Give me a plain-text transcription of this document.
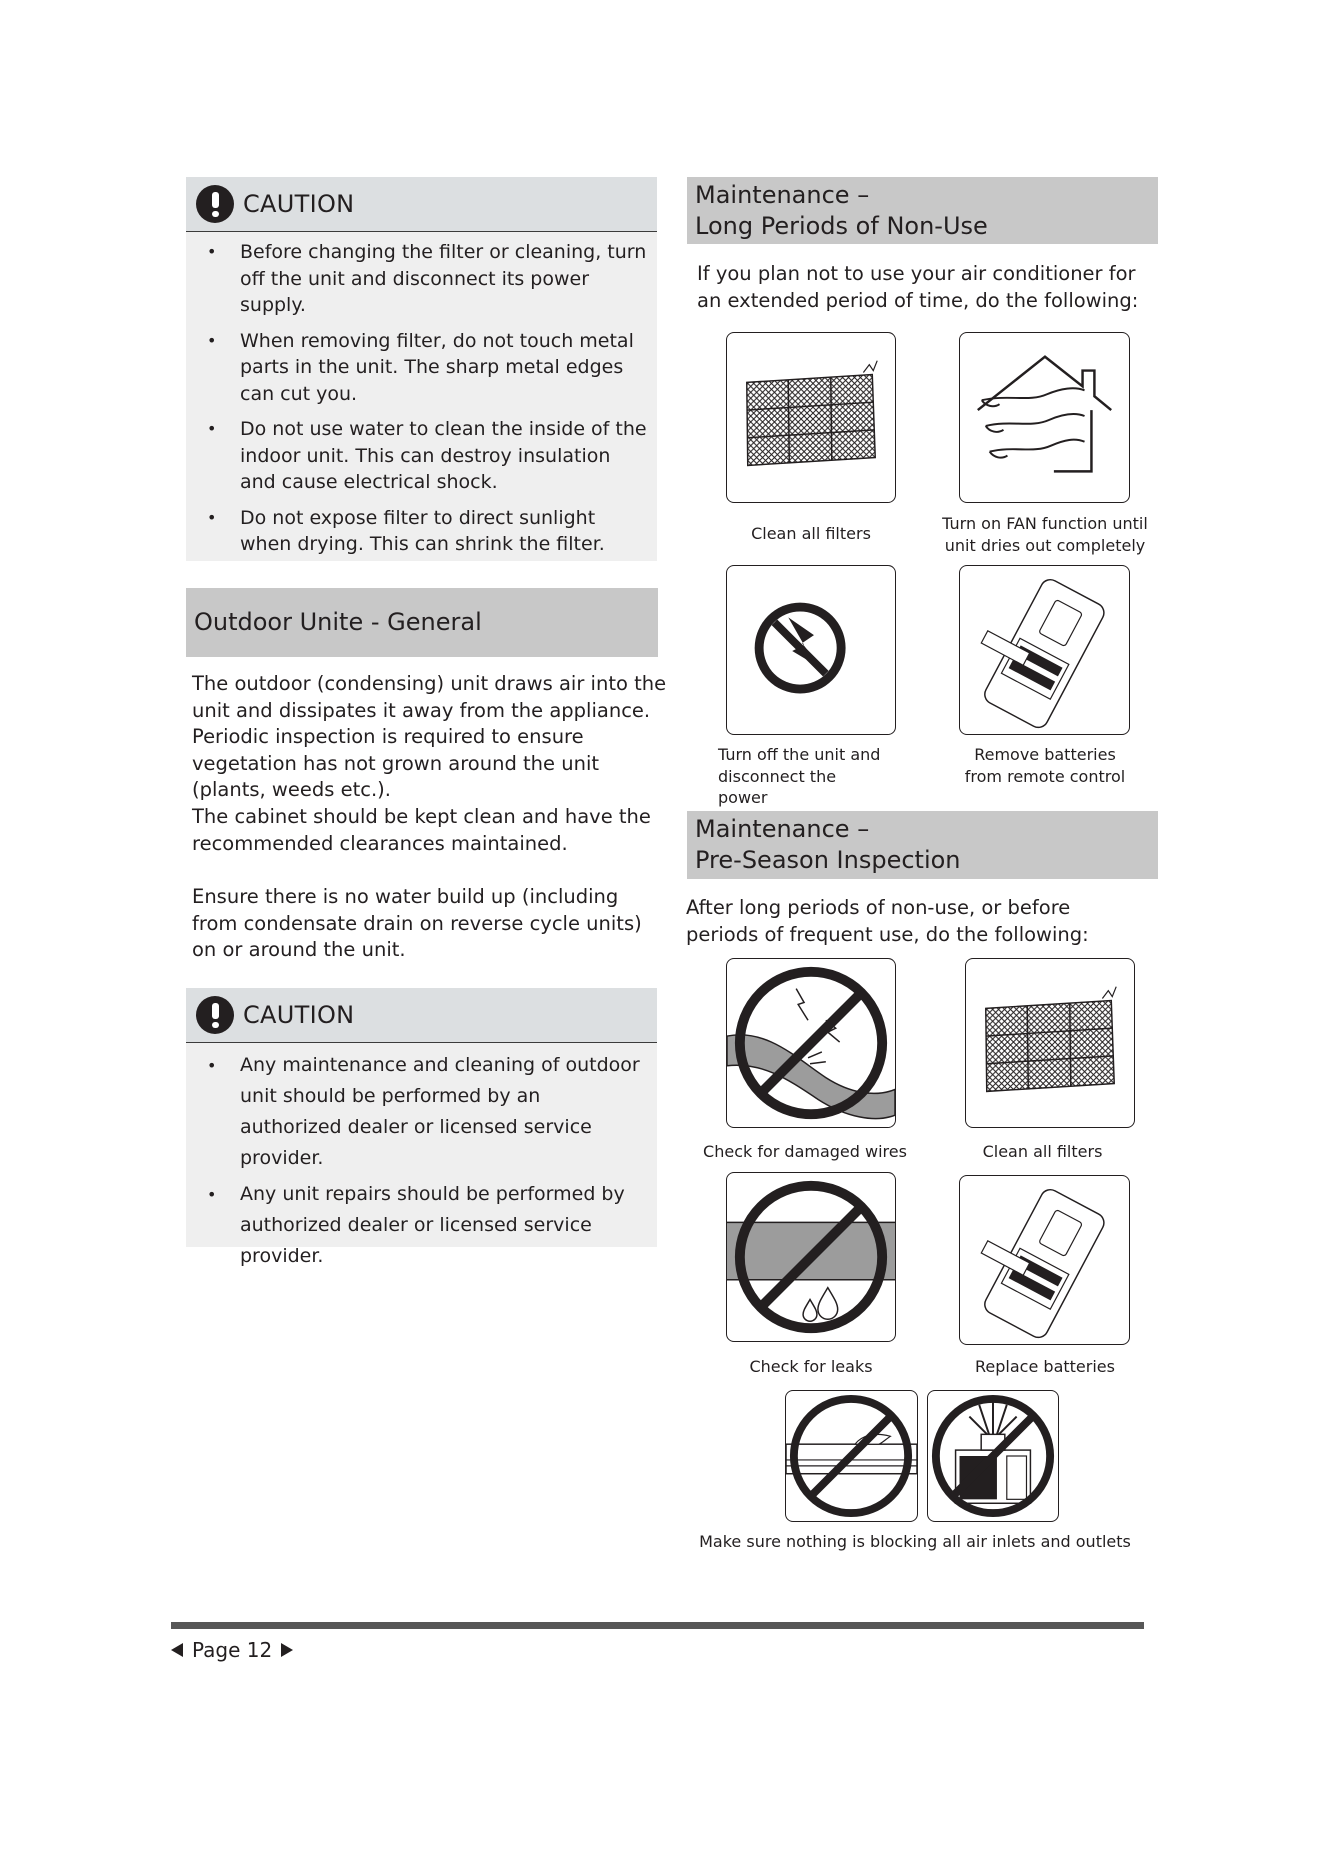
CAUTION
• Before changing the filter or cleaning, turn off the unit and disconnect its power supply.
• When removing filter, do not touch metal parts in the unit. The sharp metal edges can cut you.
• Do not use water to clean the inside of the indoor unit. This can destroy insulation and cause electrical shock.
• Do not expose filter to direct sunlight when drying. This can shrink the filter.
Outdoor Unite - General
The outdoor (condensing) unit draws air into the unit and dissipates it away from the appliance. Periodic inspection is required to ensure vegetation has not grown around the unit (plants, weeds etc.).
The cabinet should be kept clean and have the recommended clearances maintained.
Ensure there is no water build up (including from condensate drain on reverse cycle units) on or around the unit.
CAUTION
• Any maintenance and cleaning of outdoor unit should be performed by an authorized dealer or licensed service provider.
• Any unit repairs should be performed by authorized dealer or licensed service provider.
Maintenance –
Long Periods of Non-Use
If you plan not to use your air conditioner for an extended period of time, do the following:
Clean all filters
Turn on FAN function until
unit dries out completely
Turn off the unit and
disconnect the power
Remove batteries
from remote control
Maintenance –
Pre-Season Inspection
After long periods of non-use, or before periods of frequent use, do the following:
Check for damaged wires	Clean all filters
Check for leaks	Replace batteries
Make sure nothing is blocking all air inlets and outlets
Page 12
